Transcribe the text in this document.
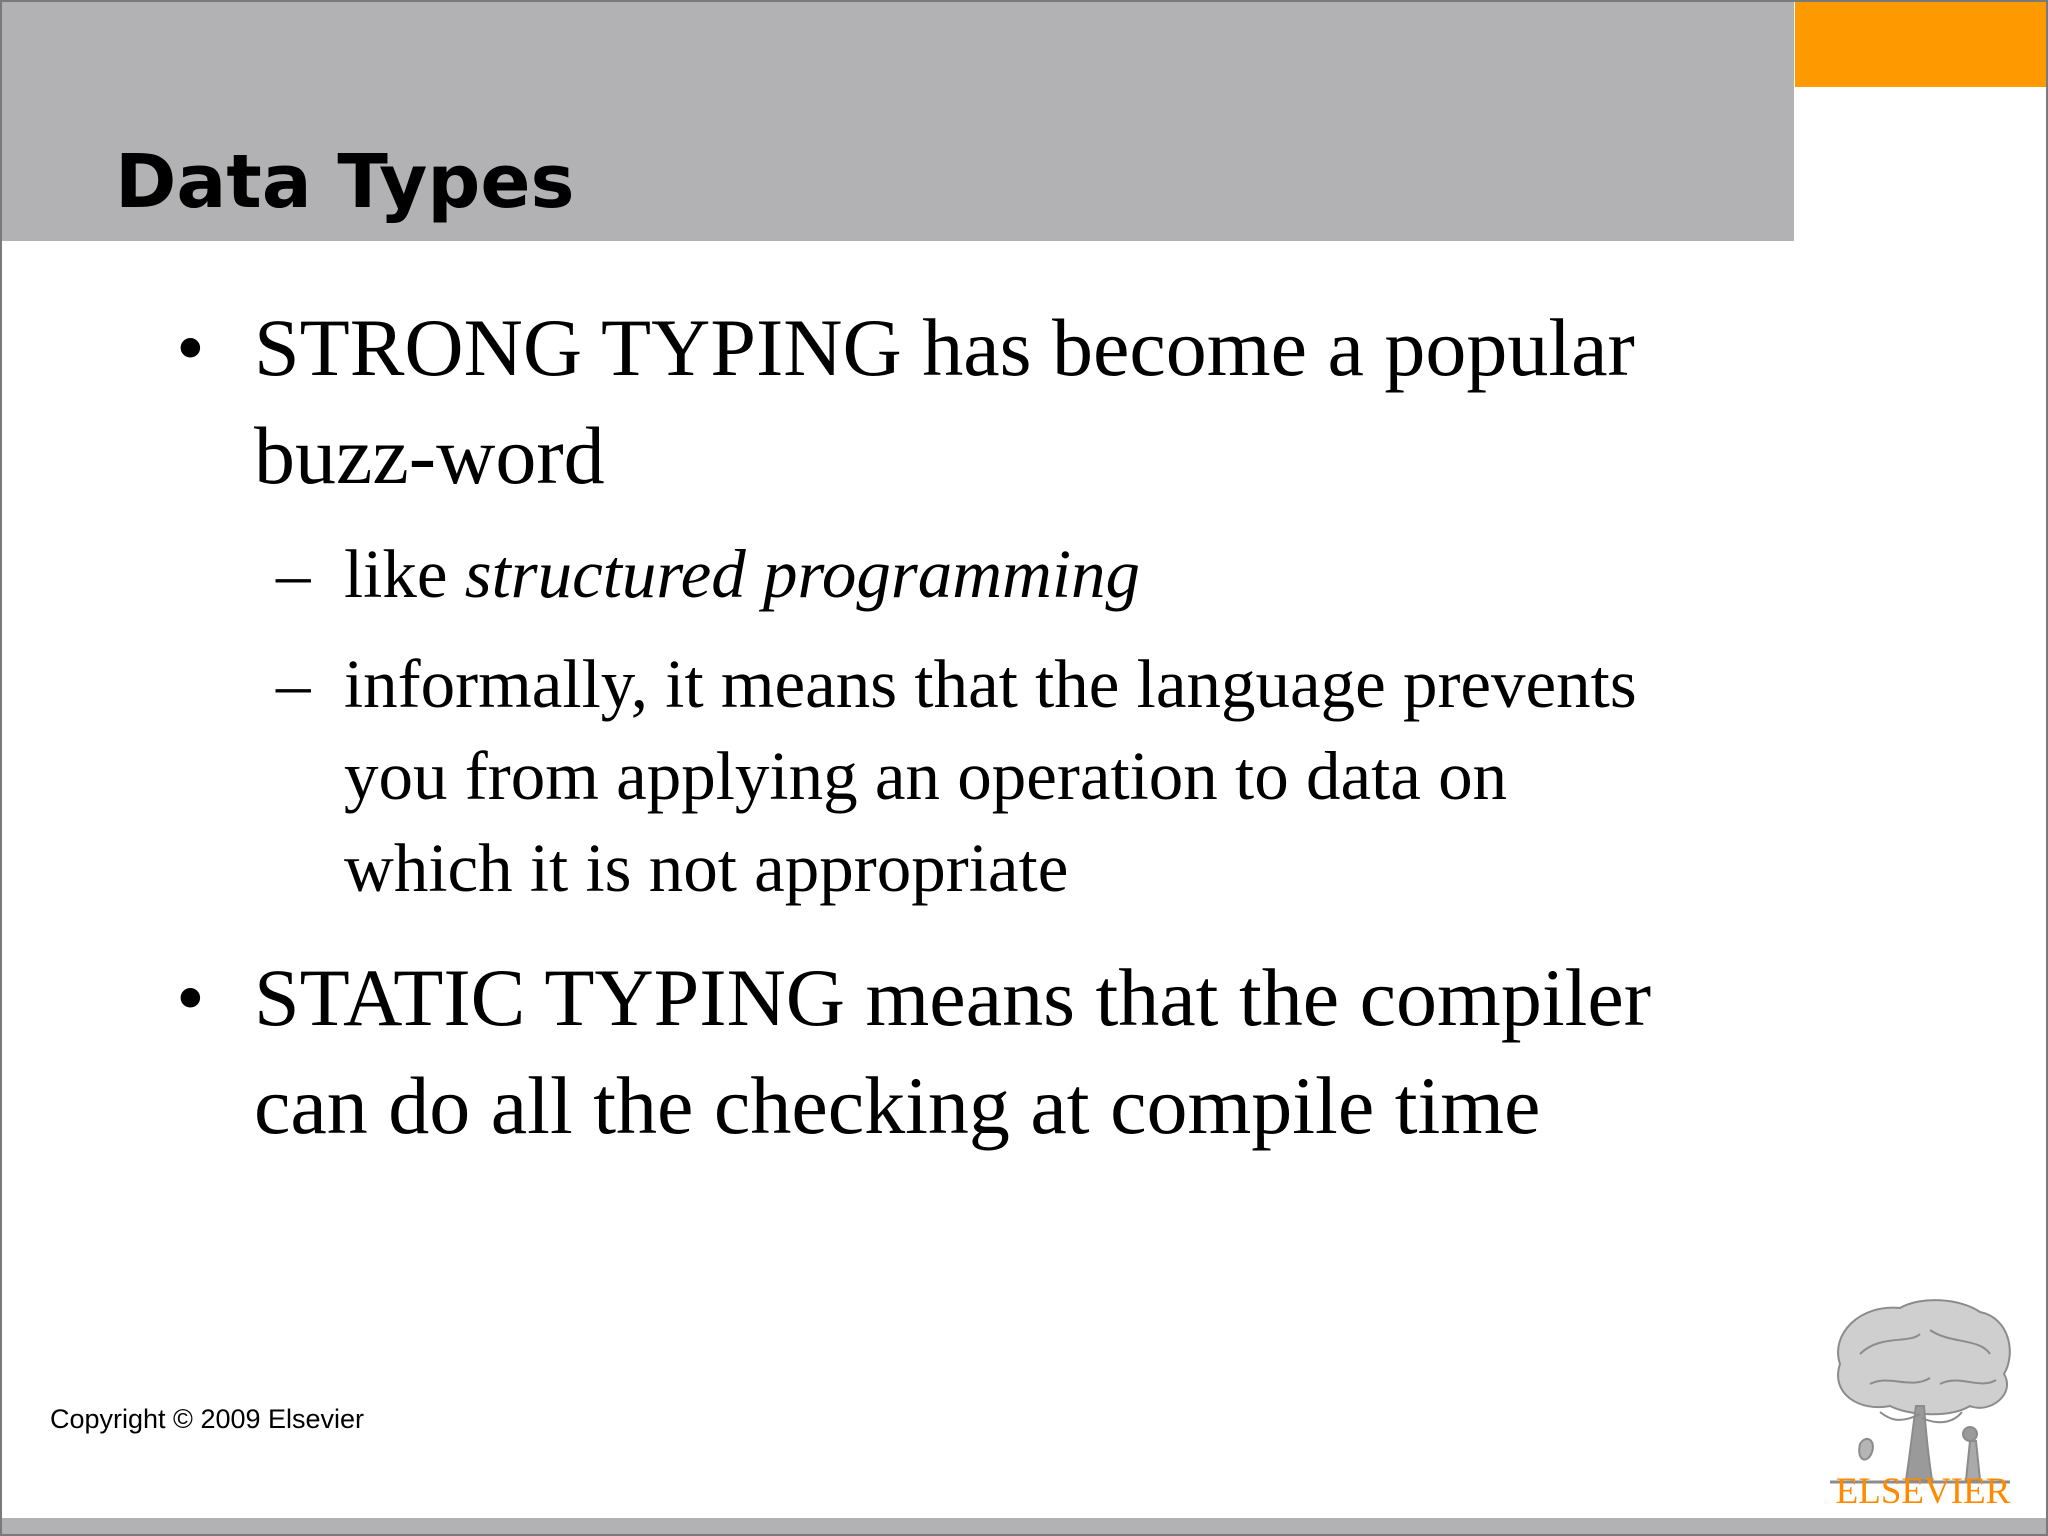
Data Types
• STRONG TYPING has become a popular
buzz-word
– like structured programming
– informally, it means that the language prevents
you from applying an operation to data on
which it is not appropriate
• STATIC TYPING means that the compiler
can do all the checking at compile time
Copyright © 2009 Elsevier
ELSEVIER
